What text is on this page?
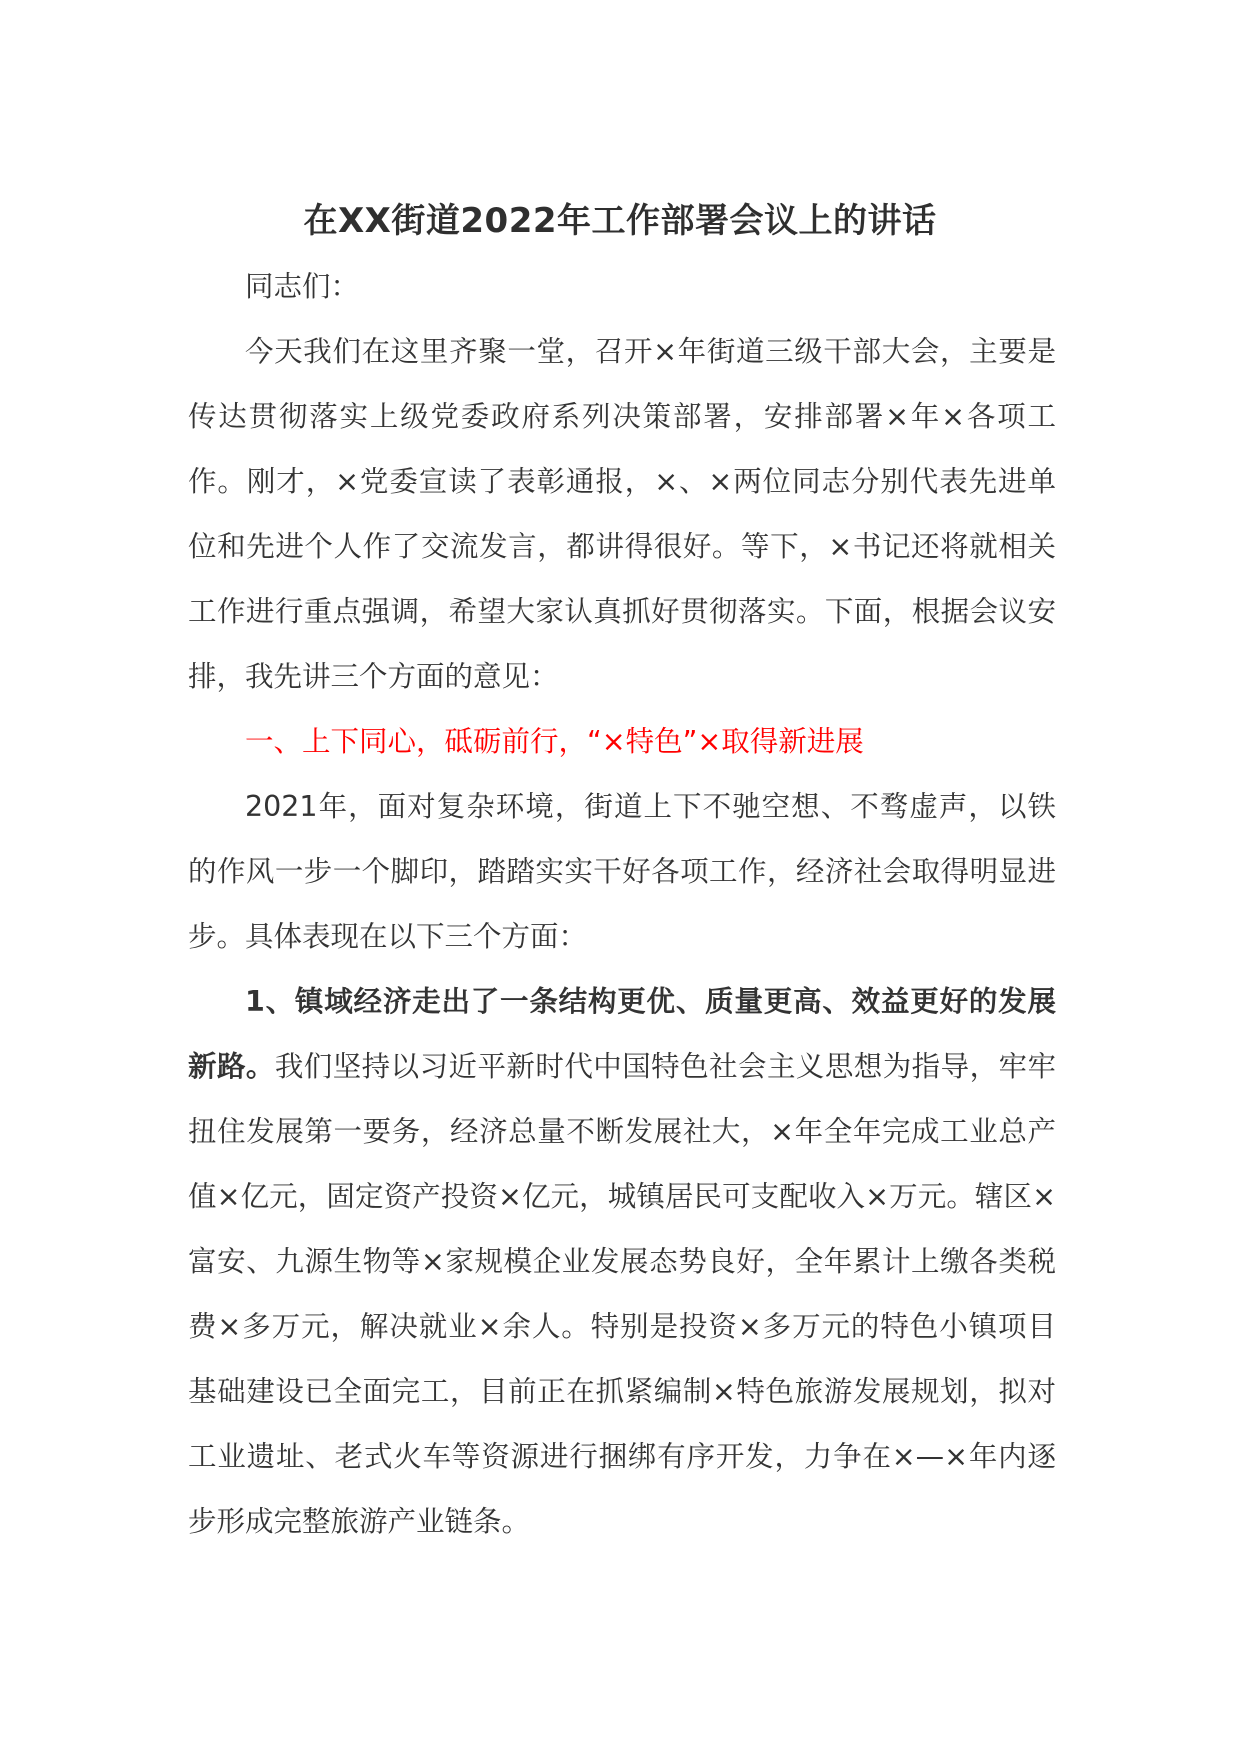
在XX街道2022年工作部署会议上的讲话

同志们：

今天我们在这里齐聚一堂，召开×年街道三级干部大会，主要是传达贯彻落实上级党委政府系列决策部署，安排部署×年×各项工作。刚才，×党委宣读了表彰通报，×、×两位同志分别代表先进单位和先进个人作了交流发言，都讲得很好。等下，×书记还将就相关工作进行重点强调，希望大家认真抓好贯彻落实。下面，根据会议安排，我先讲三个方面的意见：

一、上下同心，砥砺前行，“×特色”×取得新进展

2021年，面对复杂环境，街道上下不驰空想、不骛虚声，以铁的作风一步一个脚印，踏踏实实干好各项工作，经济社会取得明显进步。具体表现在以下三个方面：

1、镇域经济走出了一条结构更优、质量更高、效益更好的发展新路。我们坚持以习近平新时代中国特色社会主义思想为指导，牢牢扭住发展第一要务，经济总量不断发展社大，×年全年完成工业总产值×亿元，固定资产投资×亿元，城镇居民可支配收入×万元。辖区×富安、九源生物等×家规模企业发展态势良好，全年累计上缴各类税费×多万元，解决就业×余人。特别是投资×多万元的特色小镇项目基础建设已全面完工，目前正在抓紧编制×特色旅游发展规划，拟对工业遗址、老式火车等资源进行捆绑有序开发，力争在×—×年内逐步形成完整旅游产业链条。
